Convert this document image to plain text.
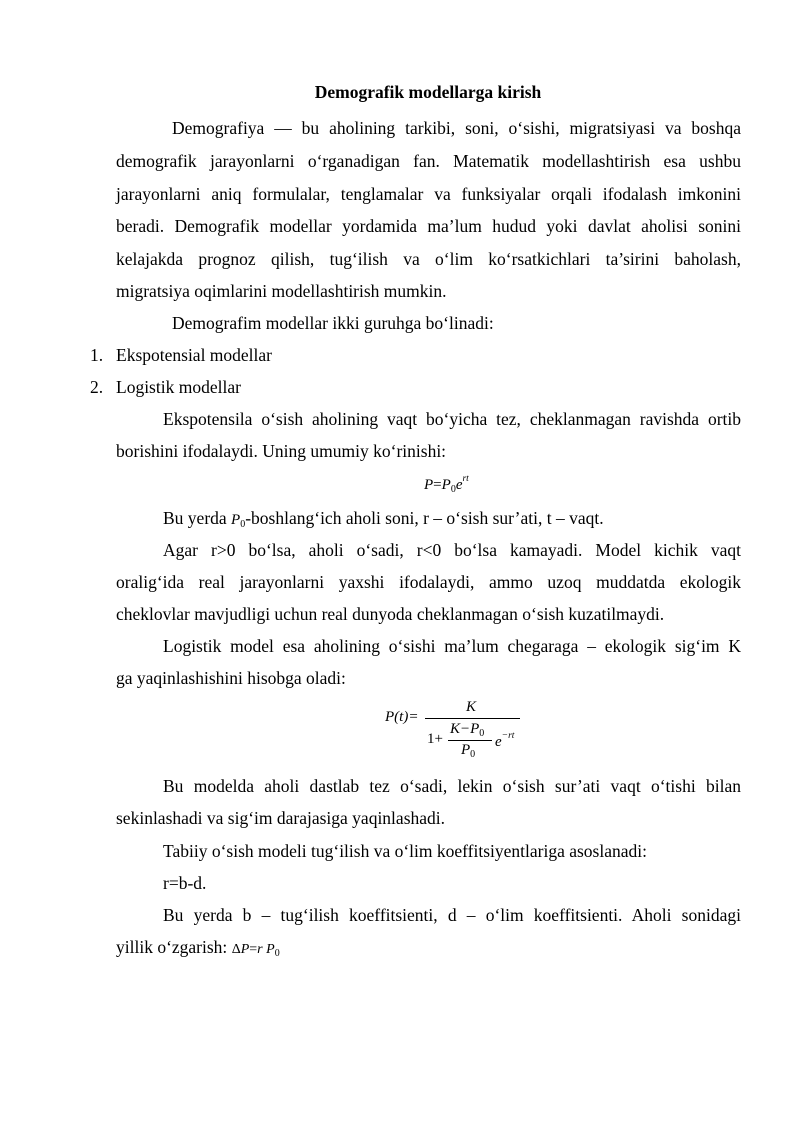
Demografik modellarga kirish
Demografiya — bu aholining tarkibi, soni, o‘sishi, migratsiyasi va boshqa
demografik jarayonlarni o‘rganadigan fan. Matematik modellashtirish esa ushbu
jarayonlarni aniq formulalar, tenglamalar va funksiyalar orqali ifodalash imkonini
beradi. Demografik modellar yordamida ma’lum hudud yoki davlat aholisi sonini
kelajakda prognoz qilish, tug‘ilish va o‘lim ko‘rsatkichlari ta’sirini baholash,
migratsiya oqimlarini modellashtirish mumkin.
Demografim modellar ikki guruhga bo‘linadi:
1. Ekspotensial modellar
2. Logistik modellar
Ekspotensila o‘sish aholining vaqt bo‘yicha tez, cheklanmagan ravishda ortib
borishini ifodalaydi. Uning umumiy ko‘rinishi:
$P=P_0e^{rt}$
Bu yerda $P_0-boshlang‘ich$ aholi soni, r – o‘sish sur’ati, t – vaqt.
Agar r>0 bo‘lsa, aholi o‘sadi, r<0 bo‘lsa kamayadi. Model kichik vaqt
oralig‘ida real jarayonlarni yaxshi ifodalaydi, ammo uzoq muddatda ekologik
cheklovlar mavjudligi uchun real dunyoda cheklanmagan o‘sish kuzatilmaydi.
Logistik model esa aholining o‘sishi ma’lum chegaraga – ekologik sig‘im K
ga yaqinlashishini hisobga oladi:
P(t)=
K
1+
$K-P_0$
$P_0$
$e^{-rt}$
Bu modelda aholi dastlab tez o‘sadi, lekin o‘sish sur’ati vaqt o‘tishi bilan
sekinlashadi va sig‘im darajasiga yaqinlashadi.
Tabiiy o‘sish modeli tug‘ilish va o‘lim koeffitsiyentlariga asoslanadi:
r=b-d.
Bu yerda b – tug‘ilish koeffitsienti, d – o‘lim koeffitsienti. Aholi sonidagi
yillik o‘zgarish: ΔP=r $P_0$
